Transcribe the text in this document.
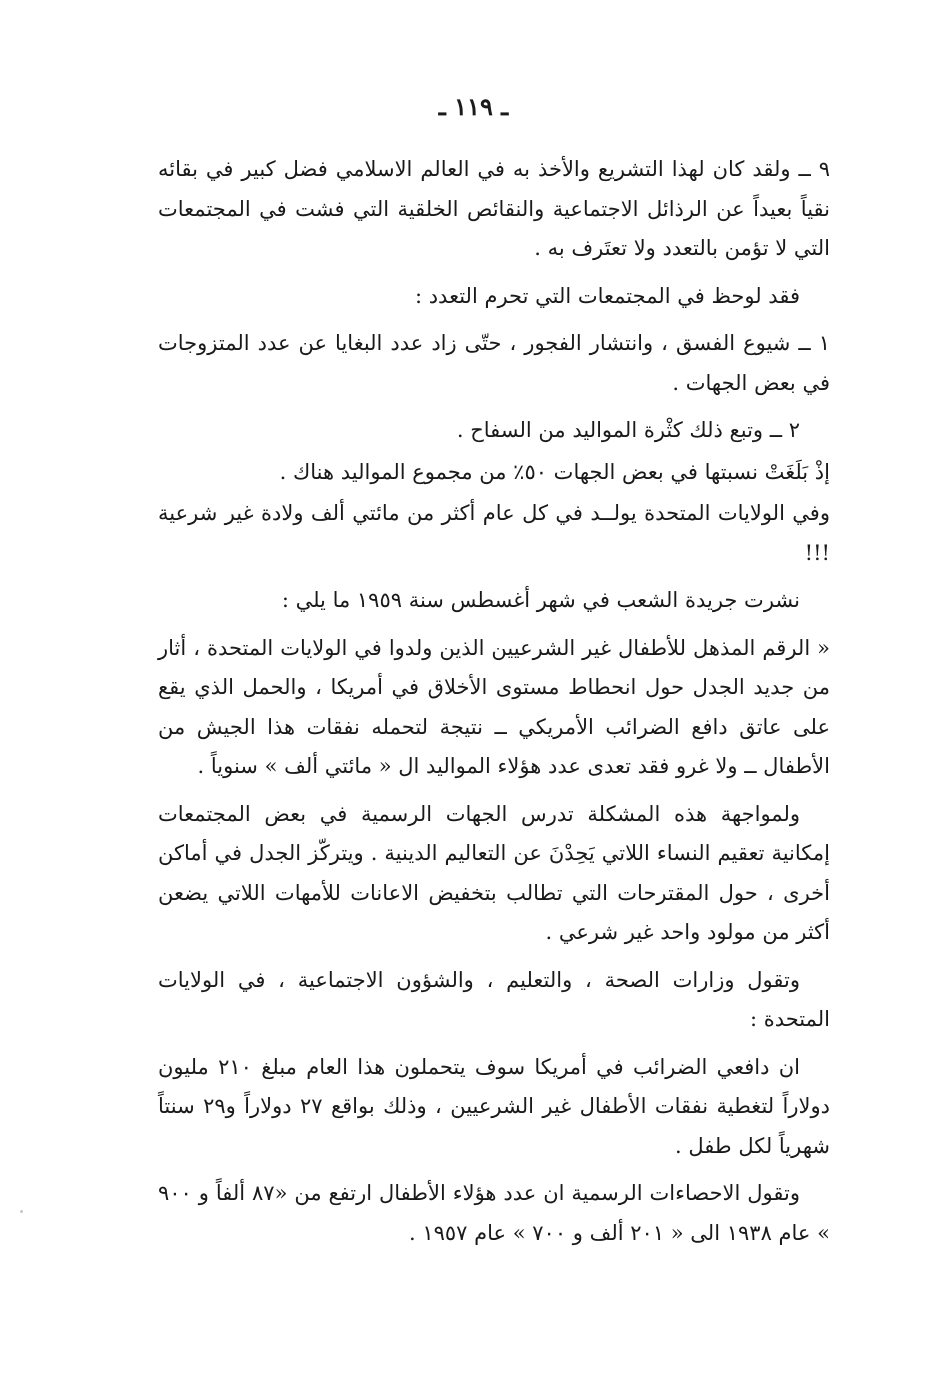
ـ ١١٩ ـ

٩ ــ ولقد كان لهذا التشريع والأخذ به في العالم الاسلامي فضل كبير في بقائه نقياً بعيداً عن الرذائل الاجتماعية والنقائص الخلقية التي فشت في المجتمعات التي لا تؤمن بالتعدد ولا تعتَرف به .

فقد لوحظ في المجتمعات التي تحرم التعدد :

١ ــ شيوع الفسق ، وانتشار الفجور ، حتّى زاد عدد البغايا عن عدد المتزوجات في بعض الجهات .

٢ ــ وتبع ذلك كثْرة المواليد من السفاح .

إذْ بَلَغَتْ نسبتها في بعض الجهات ٥٠٪ من مجموع المواليد هناك .

وفي الولايات المتحدة يولــد في كل عام أكثر من مائتي ألف ولادة غير شرعية !!!

نشرت جريدة الشعب في شهر أغسطس سنة ١٩٥٩ ما يلي :

« الرقم المذهل للأطفال غير الشرعيين الذين ولدوا في الولايات المتحدة ، أثار من جديد الجدل حول انحطاط مستوى الأخلاق في أمريكا ، والحمل الذي يقع على عاتق دافع الضرائب الأمريكي ــ نتيجة لتحمله نفقات هذا الجيش من الأطفال ــ ولا غرو فقد تعدى عدد هؤلاء المواليد ال « مائتي ألف » سنوياً .

ولمواجهة هذه المشكلة تدرس الجهات الرسمية في بعض المجتمعات إمكانية تعقيم النساء اللاتي يَحِدْنَ عن التعاليم الدينية . ويتركّز الجدل في أماكن أخرى ، حول المقترحات التي تطالب بتخفيض الاعانات للأمهات اللاتي يضعن أكثر من مولود واحد غير شرعي .

وتقول وزارات الصحة ، والتعليم ، والشؤون الاجتماعية ، في الولايات المتحدة :

ان دافعي الضرائب في أمريكا سوف يتحملون هذا العام مبلغ ٢١٠ مليون دولاراً لتغطية نفقات الأطفال غير الشرعيين ، وذلك بواقع ٢٧ دولاراً و٢٩ سنتاً شهرياً لكل طفل .

وتقول الاحصاءات الرسمية ان عدد هؤلاء الأطفال ارتفع من «٨٧ ألفاً و ٩٠٠ » عام ١٩٣٨ الى « ٢٠١ ألف و ٧٠٠ » عام ١٩٥٧ .
